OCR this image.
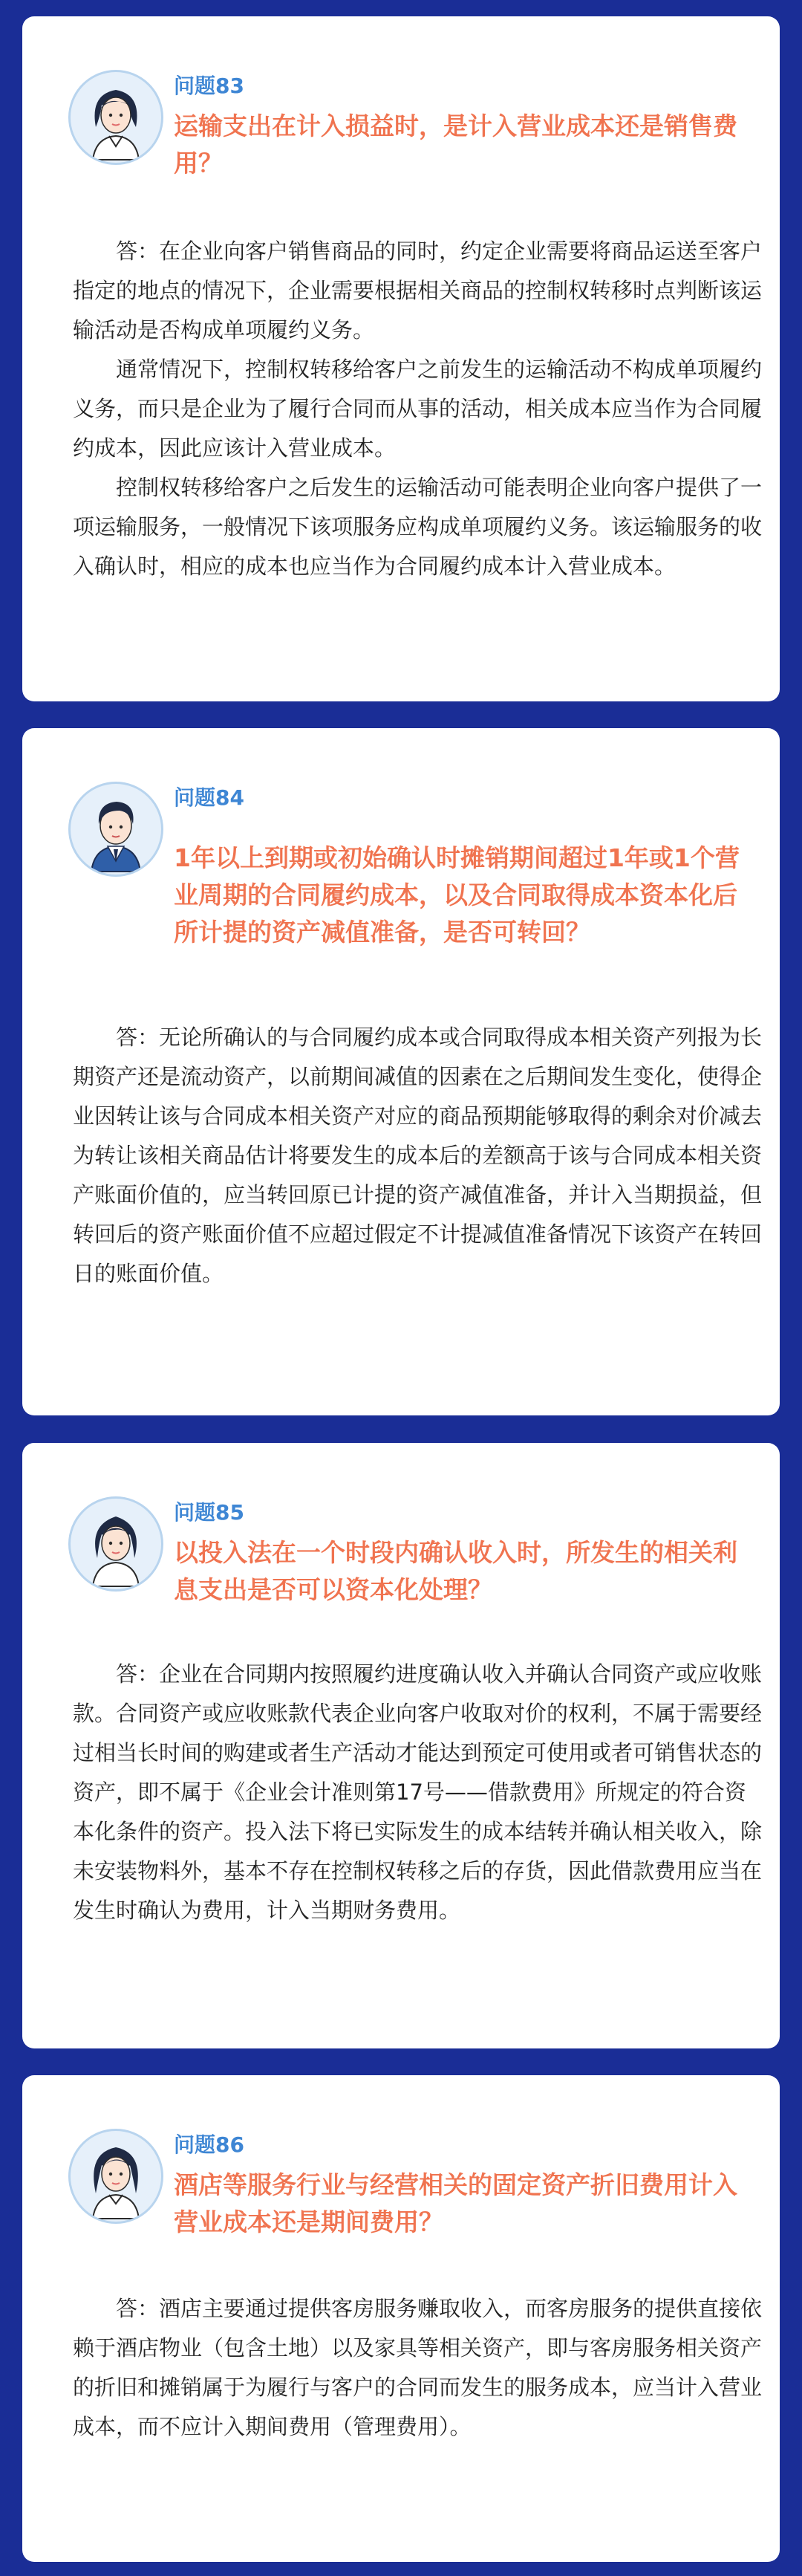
问题83
运输支出在计入损益时，是计入营业成本还是销售费用？

答：在企业向客户销售商品的同时，约定企业需要将商品运送至客户指定的地点的情况下，企业需要根据相关商品的控制权转移时点判断该运输活动是否构成单项履约义务。

通常情况下，控制权转移给客户之前发生的运输活动不构成单项履约义务，而只是企业为了履行合同而从事的活动，相关成本应当作为合同履约成本，因此应该计入营业成本。

控制权转移给客户之后发生的运输活动可能表明企业向客户提供了一项运输服务，一般情况下该项服务应构成单项履约义务。该运输服务的收入确认时，相应的成本也应当作为合同履约成本计入营业成本。

问题84
1年以上到期或初始确认时摊销期间超过1年或1个营业周期的合同履约成本，以及合同取得成本资本化后所计提的资产减值准备，是否可转回？

答：无论所确认的与合同履约成本或合同取得成本相关资产列报为长期资产还是流动资产，以前期间减值的因素在之后期间发生变化，使得企业因转让该与合同成本相关资产对应的商品预期能够取得的剩余对价减去为转让该相关商品估计将要发生的成本后的差额高于该与合同成本相关资产账面价值的，应当转回原已计提的资产减值准备，并计入当期损益，但转回后的资产账面价值不应超过假定不计提减值准备情况下该资产在转回日的账面价值。

问题85
以投入法在一个时段内确认收入时，所发生的相关利息支出是否可以资本化处理？

答：企业在合同期内按照履约进度确认收入并确认合同资产或应收账款。合同资产或应收账款代表企业向客户收取对价的权利，不属于需要经过相当长时间的购建或者生产活动才能达到预定可使用或者可销售状态的资产，即不属于《企业会计准则第17号——借款费用》所规定的符合资本化条件的资产。投入法下将已实际发生的成本结转并确认相关收入，除未安装物料外，基本不存在控制权转移之后的存货，因此借款费用应当在发生时确认为费用，计入当期财务费用。

问题86
酒店等服务行业与经营相关的固定资产折旧费用计入营业成本还是期间费用？

答：酒店主要通过提供客房服务赚取收入，而客房服务的提供直接依赖于酒店物业（包含土地）以及家具等相关资产，即与客房服务相关资产的折旧和摊销属于为履行与客户的合同而发生的服务成本，应当计入营业成本，而不应计入期间费用（管理费用）。
